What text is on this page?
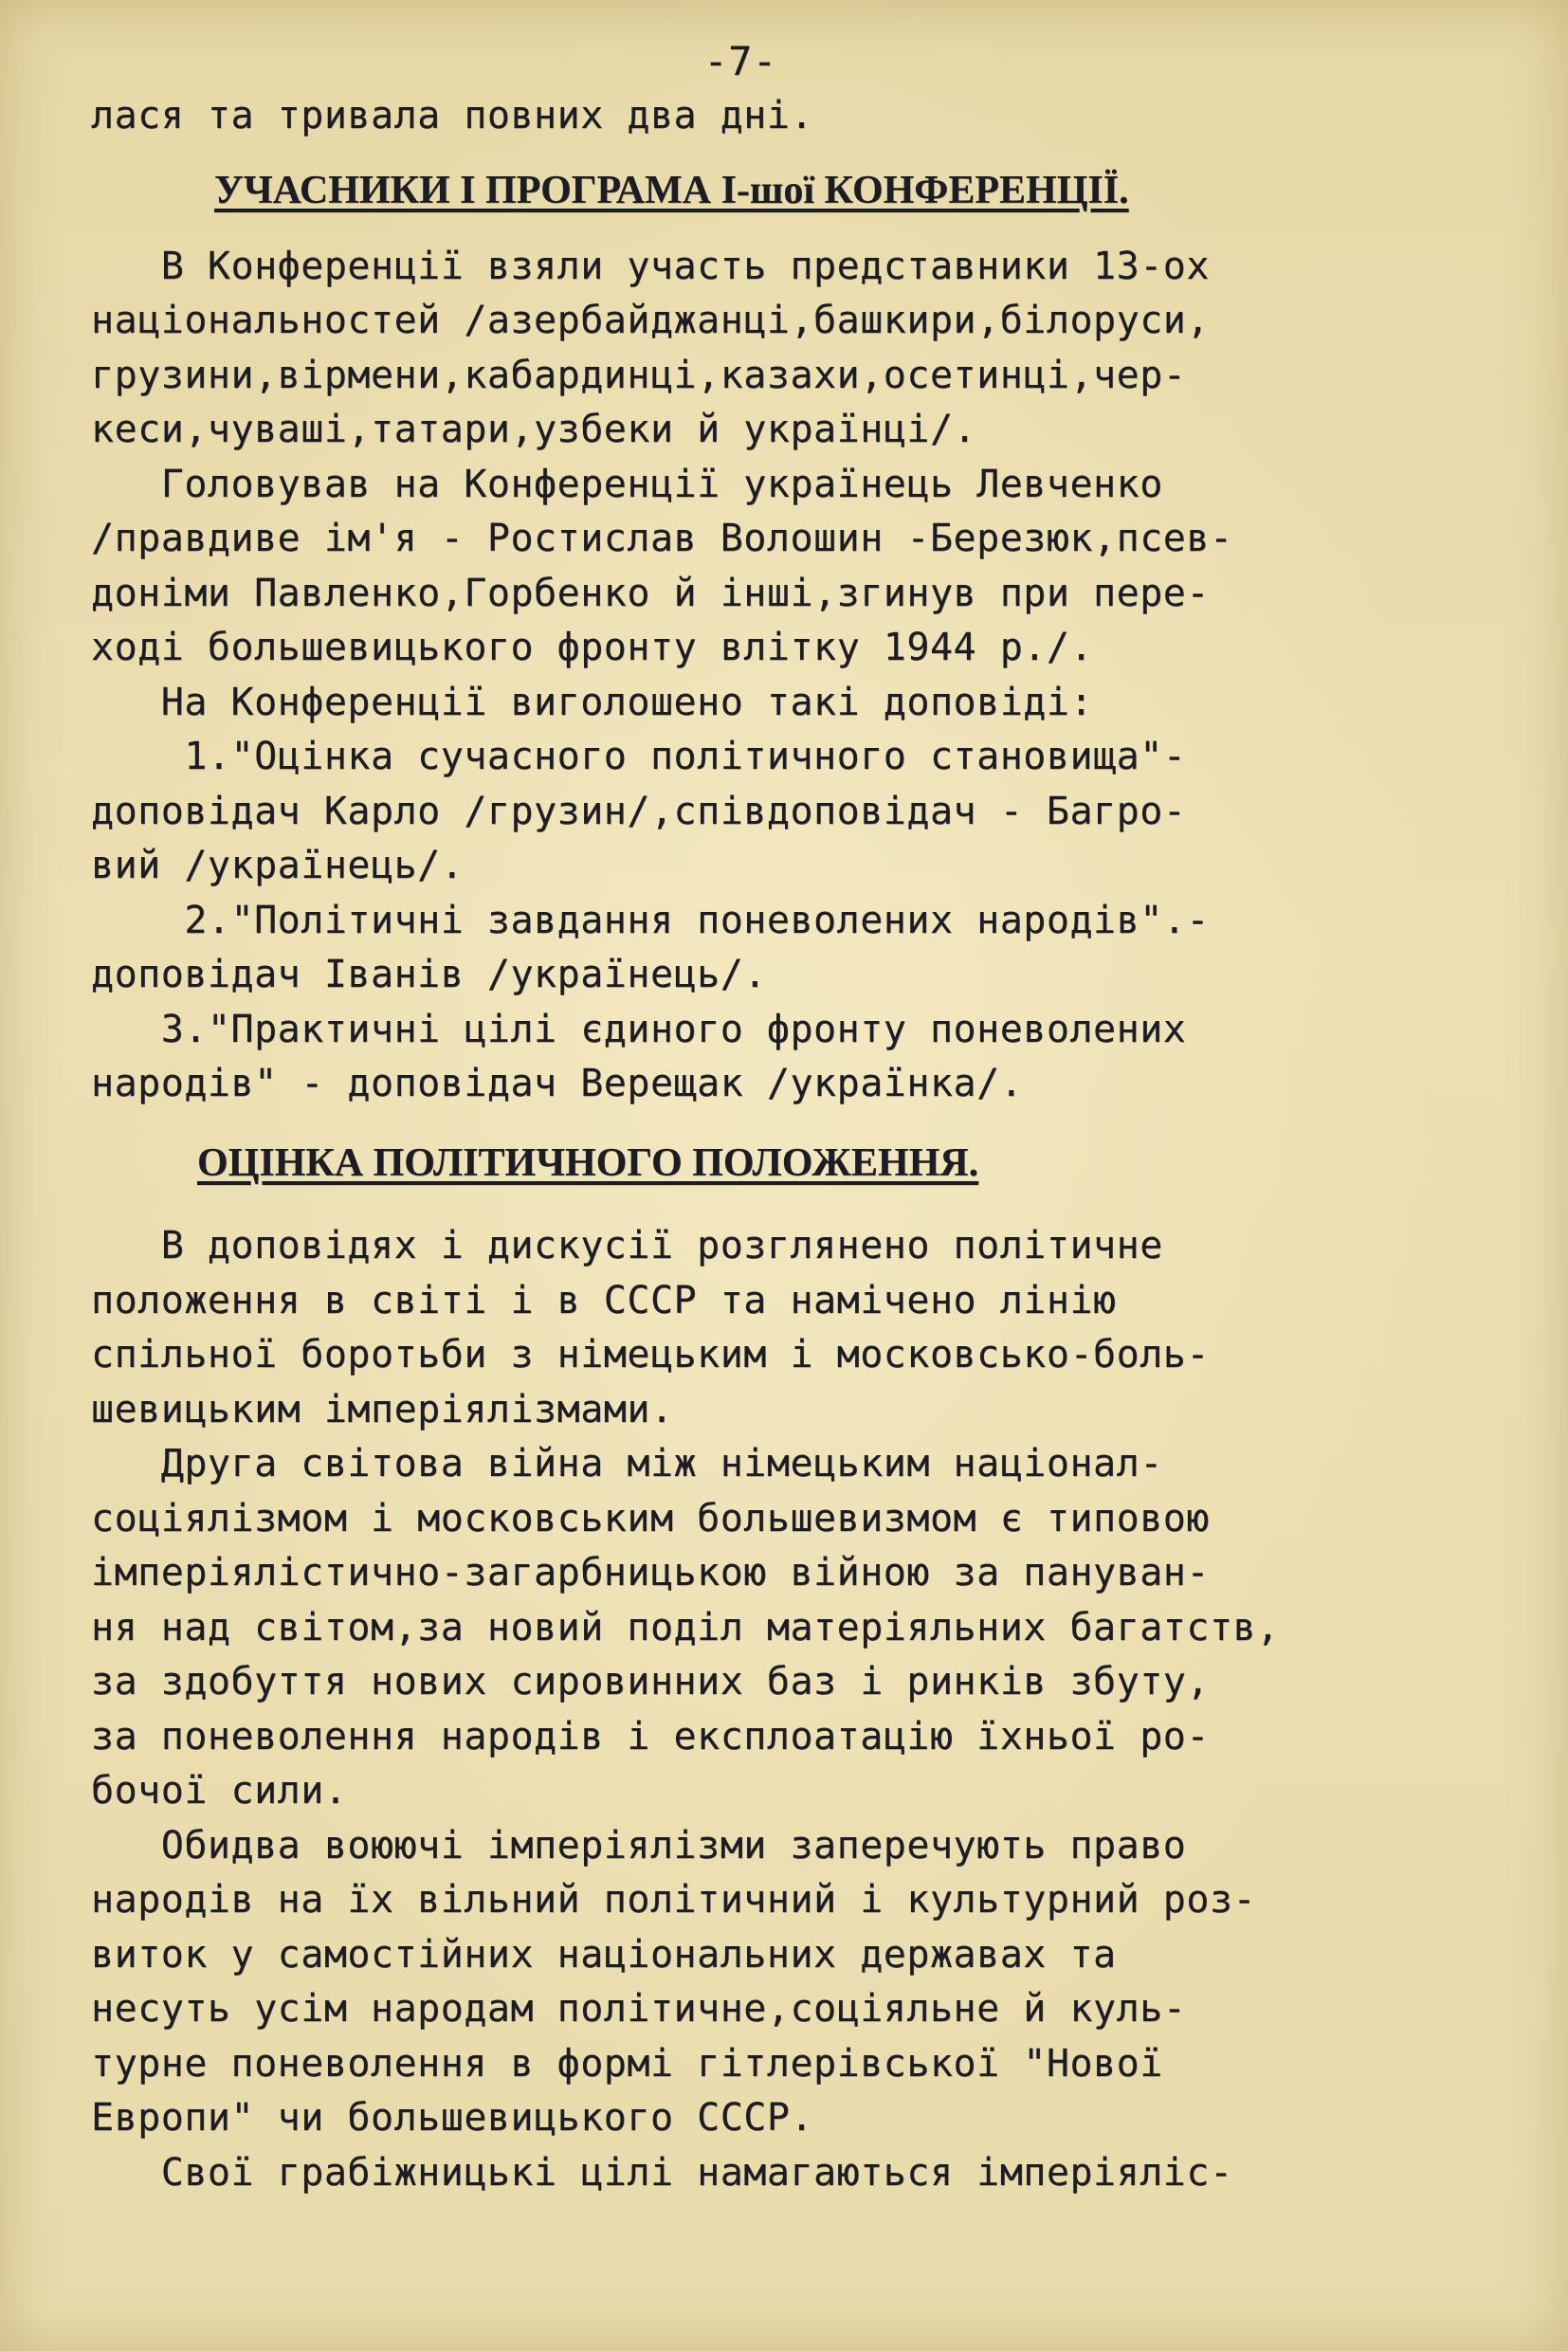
-7-
лася та тривала повних два дні.
УЧАСНИКИ І ПРОГРАМА І-шої КОНФЕРЕНЦІЇ.
В Конференції взяли участь представники 13-ох
національностей /азербайджанці,башкири,білоруси,
грузини,вірмени,кабардинці,казахи,осетинці,чер-
кеси,чуваші,татари,узбеки й українці/.
Головував на Конференції українець Левченко
/правдиве ім'я - Ростислав Волошин -Березюк,псев-
доніми Павленко,Горбенко й інші,згинув при пере-
ході большевицького фронту влітку 1944 р./.
На Конференції виголошено такі доповіді:
1."Оцінка сучасного політичного становища"-
доповідач Карло /грузин/,співдоповідач - Багро-
вий /українець/.
2."Політичні завдання поневолених народів".-
доповідач Іванів /українець/.
3."Практичні цілі єдиного фронту поневолених
народів" - доповідач Верещак /українка/.
ОЦІНКА ПОЛІТИЧНОГО ПОЛОЖЕННЯ.
В доповідях і дискусії розглянено політичне
положення в світі і в СССР та намічено лінію
спільної боротьби з німецьким і московсько-боль-
шевицьким імперіялізмами.
Друга світова війна між німецьким націонал-
соціялізмом і московським большевизмом є типовою
імперіялістично-загарбницькою війною за пануван-
ня над світом,за новий поділ матеріяльних багатств,
за здобуття нових сировинних баз і ринків збуту,
за поневолення народів і експлоатацію їхньої ро-
бочої сили.
Обидва воюючі імперіялізми заперечують право
народів на їх вільний політичний і культурний роз-
виток у самостійних національних державах та
несуть усім народам політичне,соціяльне й куль-
турне поневолення в формі гітлерівської "Нової
Европи" чи большевицького СССР.
Свої грабіжницькі цілі намагаються імперіяліс-
